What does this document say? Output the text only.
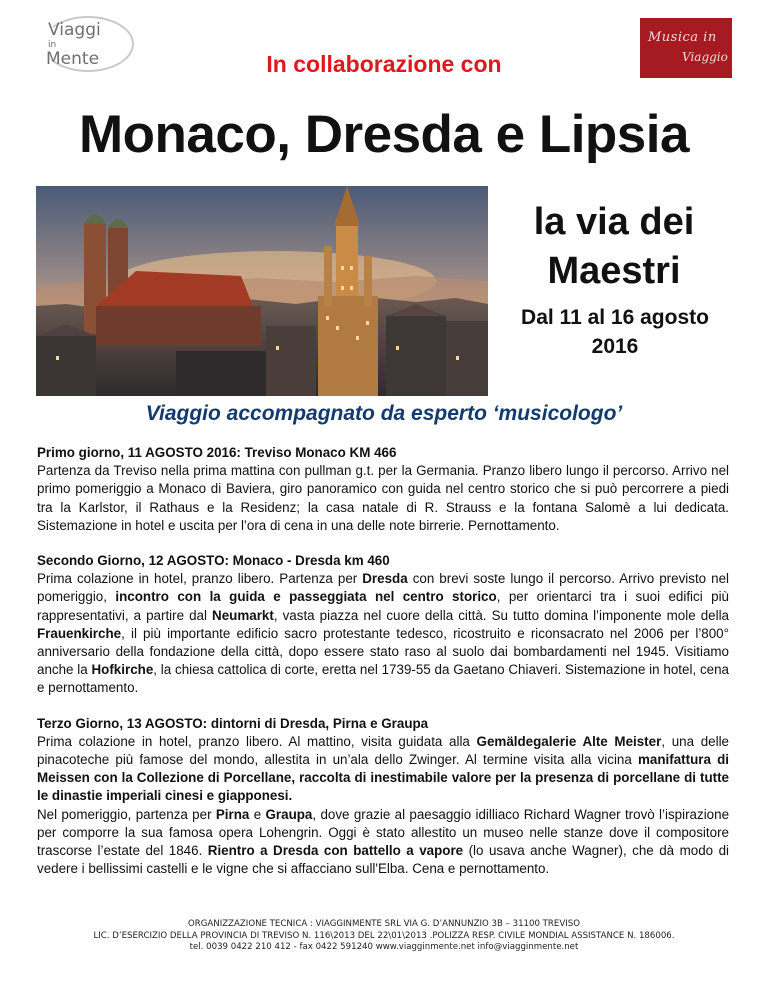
Viaggi
in
Mente
Musica in
Viaggio
In collaborazione con
Monaco, Dresda e Lipsia
la via dei
Maestri
Dal 11 al 16 agosto
2016
Viaggio accompagnato da esperto ‘musicologo’
Primo giorno, 11 AGOSTO 2016: Treviso Monaco KM 466

Partenza da Treviso nella prima mattina con pullman g.t. per la Germania. Pranzo libero lungo il percorso. Arrivo nel primo pomeriggio a Monaco di Baviera, giro panoramico con guida nel centro storico che si può percorrere a piedi tra la Karlstor, il Rathaus e la Residenz; la casa natale di R. Strauss e la fontana Salomè a lui dedicata. Sistemazione in hotel e uscita per l’ora di cena in una delle note birrerie. Pernottamento.

Secondo Giorno, 12 AGOSTO: Monaco - Dresda km 460

Prima colazione in hotel, pranzo libero. Partenza per Dresda con brevi soste lungo il percorso. Arrivo previsto nel pomeriggio, incontro con la guida e passeggiata nel centro storico, per orientarci tra i suoi edifici più rappresentativi, a partire dal Neumarkt, vasta piazza nel cuore della città. Su tutto domina l’imponente mole della Frauenkirche, il più importante edificio sacro protestante tedesco, ricostruito e riconsacrato nel 2006 per l’800° anniversario della fondazione della città, dopo essere stato raso al suolo dai bombardamenti nel 1945. Visitiamo anche la Hofkirche, la chiesa cattolica di corte, eretta nel 1739-55 da Gaetano Chiaveri. Sistemazione in hotel, cena e pernottamento.

Terzo Giorno, 13 AGOSTO: dintorni di Dresda, Pirna e Graupa

Prima colazione in hotel, pranzo libero. Al mattino, visita guidata alla Gemäldegalerie Alte Meister, una delle pinacoteche più famose del mondo, allestita in un’ala dello Zwinger. Al termine visita alla vicina manifattura di Meissen con la Collezione di Porcellane, raccolta di inestimabile valore per la presenza di porcellane di tutte le dinastie imperiali cinesi e giapponesi.

Nel pomeriggio, partenza per Pirna e Graupa, dove grazie al paesaggio idilliaco Richard Wagner trovò l’ispirazione per comporre la sua famosa opera Lohengrin. Oggi è stato allestito un museo nelle stanze dove il compositore trascorse l’estate del 1846. Rientro a Dresda con battello a vapore (lo usava anche Wagner), che dà modo di vedere i bellissimi castelli e le vigne che si affacciano sull'Elba. Cena e pernottamento.

ORGANIZZAZIONE TECNICA : VIAGGINMENTE SRL VIA G. D’ANNUNZIO 3B – 31100 TREVISO
LIC. D’ESERCIZIO DELLA PROVINCIA DI TREVISO N. 116\2013 DEL 22\01\2013 .POLIZZA RESP. CIVILE MONDIAL ASSISTANCE N. 186006.
tel. 0039 0422 210 412 - fax 0422 591240 www.viagginmente.net info@viagginmente.net
